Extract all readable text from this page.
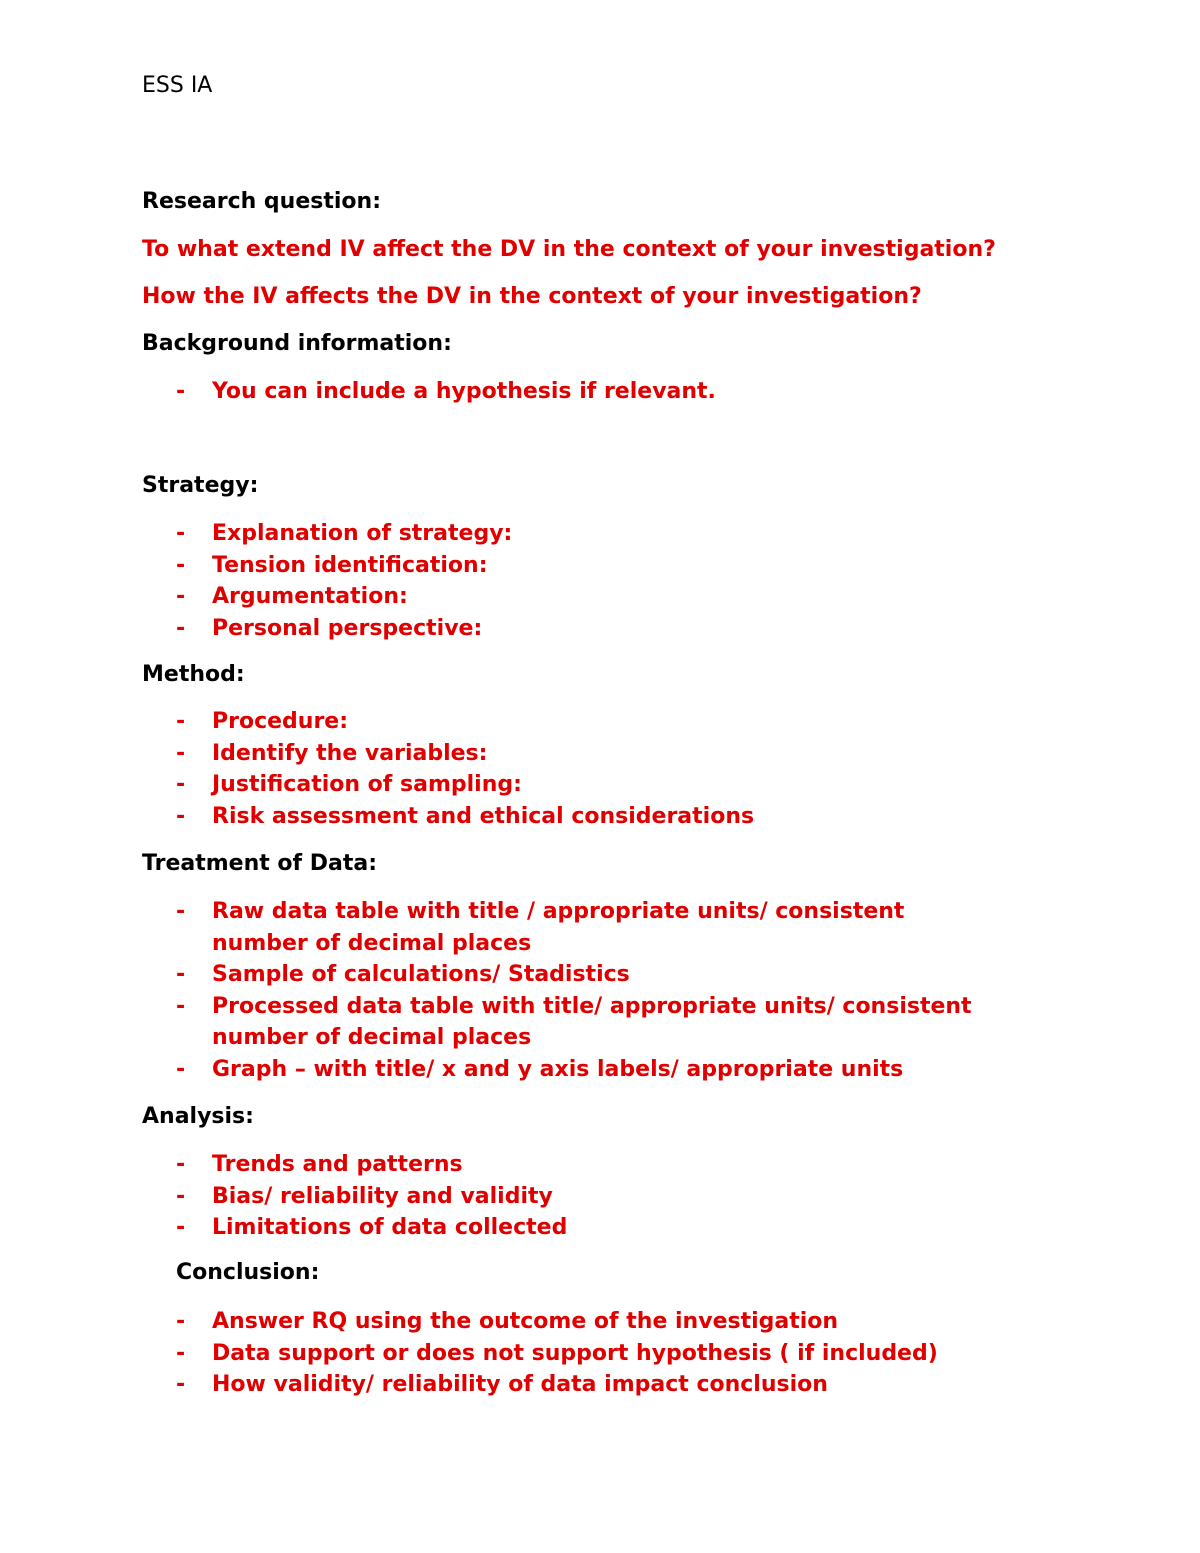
ESS IA
Research question:
To what extend IV affect the DV in the context of your investigation?
How the IV affects the DV in the context of your investigation?
Background information:
- You can include a hypothesis if relevant.
Strategy:
- Explanation of strategy:
- Tension identification:
- Argumentation:
- Personal perspective:
Method:
- Procedure:
- Identify the variables:
- Justification of sampling:
- Risk assessment and ethical considerations
Treatment of Data:
- Raw data table with title / appropriate units/ consistent
number of decimal places
- Sample of calculations/ Stadistics
- Processed data table with title/ appropriate units/ consistent
number of decimal places
- Graph – with title/ x and y axis labels/ appropriate units
Analysis:
- Trends and patterns
- Bias/ reliability and validity
- Limitations of data collected
Conclusion:
- Answer RQ using the outcome of the investigation
- Data support or does not support hypothesis ( if included)
- How validity/ reliability of data impact conclusion
